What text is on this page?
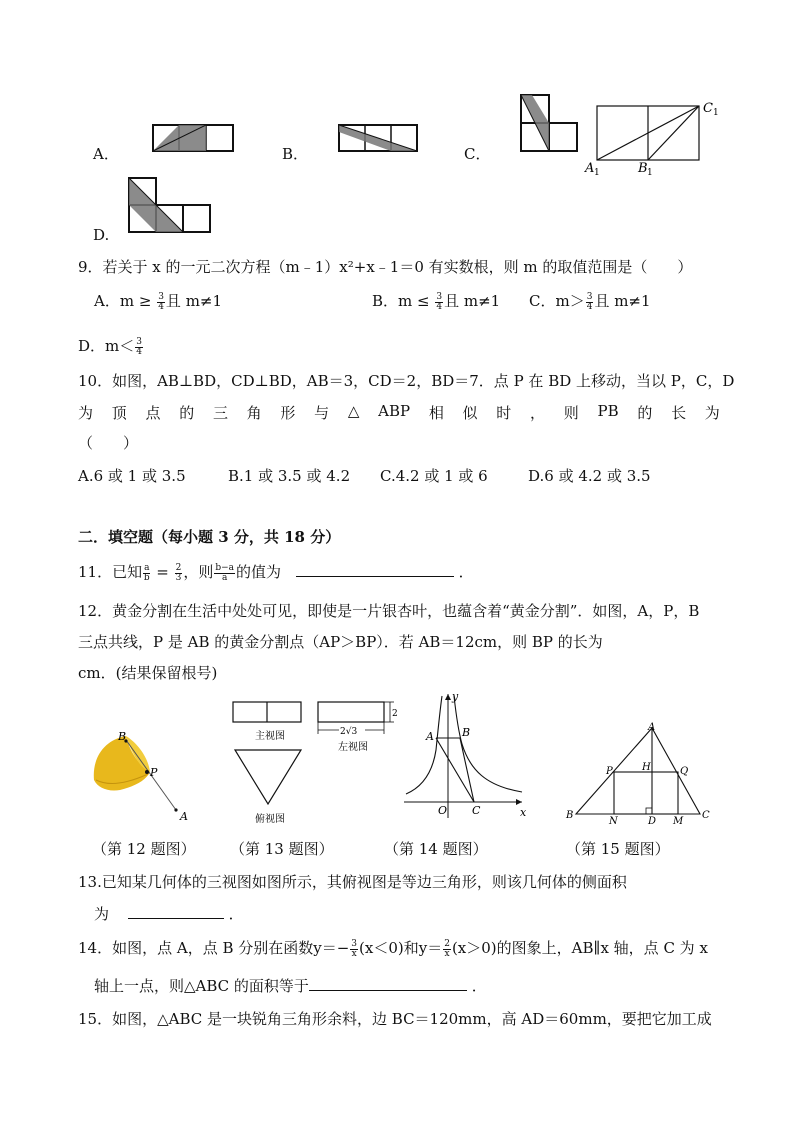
A．	B．	C．
C 1
A 1	B 1
D.
9．若关于 x 的一元二次方程（m﹣1）x²+x﹣1＝0 有实数根，则 m 的取值范围是（　　）
A．$m \ge \frac{3}{4}$ 且 m≠1	B．$m \le \frac{3}{4}$ 且 m≠1 C．$m> \frac{3}{4}$ 且 m≠1
D．$m< \frac{3}{4}$
10．如图，AB⊥BD，CD⊥BD，AB＝3，CD＝2，BD＝7．点 P 在 BD 上移动，当以 P，C，D
为 顶 点 的 三 角 形 与 △ ABP 相 似 时 ， 则 PB 的 长 为
（　　）
A.6 或 1 或 3.5	B.1 或 3.5 或 4.2 C.4.2 或 1 或 6	D.6 或 4.2 或 3.5
二．填空题（每小题 3 分，共 18 分）
11．已知 $\frac{a}{b} = \frac{2}{3}$ ，则 $\frac{b-a}{a}$ 的值为	．
12．黄金分割在生活中处处可见，即使是一片银杏叶，也蕴含着“黄金分割”．如图，A，P，B
三点共线，P 是 AB 的黄金分割点（AP＞BP）．若 AB＝12cm，则 BP 的长为
cm．(结果保留根号)
B
P
A
（第 12 题图）
主视图
2
2√3
左视图
俯视图
（第 13 题图）
x
y
O
A	B
C
（第 14 题图）
A
P	H	Q
B
N	D M
C
（第 15 题图）
13.已知某几何体的三视图如图所示，其俯视图是等边三角形，则该几何体的侧面积
为	．
14．如图，点 A，点 B 分别在函数$y=- \frac{3}{x} (x<0)$和$y= \frac{2}{x} (x>0)$的图象上，AB∥x 轴，点 C 为 x
轴上一点，则△ABC 的面积等于	．
15．如图，△ABC 是一块锐角三角形余料，边 BC＝120mm，高 AD＝60mm，要把它加工成
